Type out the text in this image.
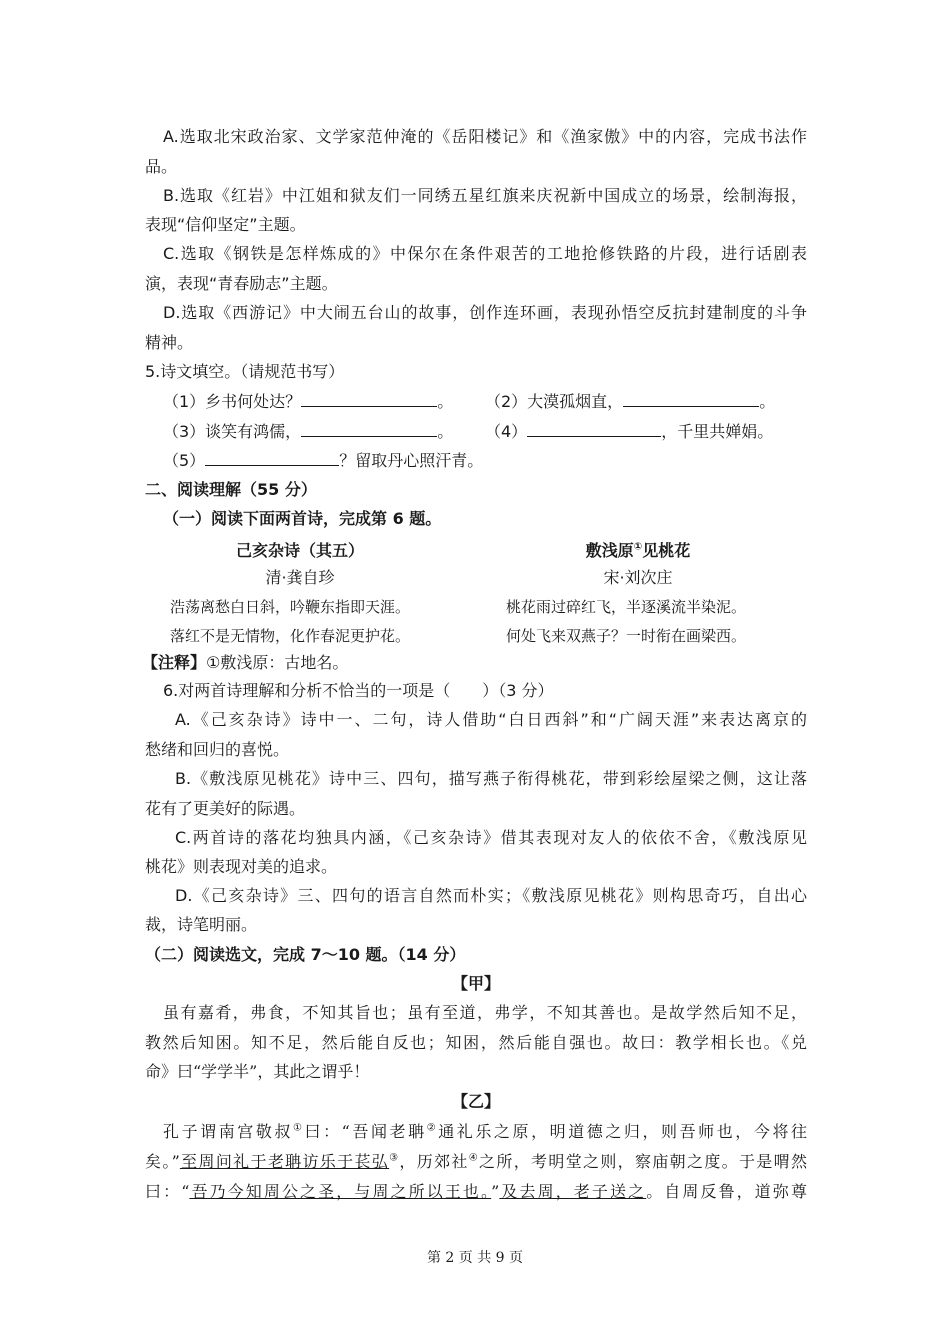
A.选取北宋政治家、文学家范仲淹的《岳阳楼记》和《渔家傲》中的内容，完成书法作
品。
B.选取《红岩》中江姐和狱友们一同绣五星红旗来庆祝新中国成立的场景，绘制海报，
表现“信仰坚定”主题。
C.选取《钢铁是怎样炼成的》中保尔在条件艰苦的工地抢修铁路的片段，进行话剧表
演，表现“青春励志”主题。
D.选取《西游记》中大闹五台山的故事，创作连环画，表现孙悟空反抗封建制度的斗争
精神。
5.诗文填空。（请规范书写）
（1）乡书何处达？	。	（2）大漠孤烟直，	。
（3）谈笑有鸿儒，	。	（4）	，千里共婵娟。
（5）	？留取丹心照汗青。
二、阅读理解（55 分）
（一）阅读下面两首诗，完成第 6 题。
己亥杂诗（其五）
清·龚自珍
浩荡离愁白日斜，吟鞭东指即天涯。
落红不是无情物，化作春泥更护花。
敷浅原①见桃花
宋·刘次庄
桃花雨过碎红飞，半逐溪流半染泥。
何处飞来双燕子？一时衔在画梁西。
【注释】①敷浅原：古地名。
6.对两首诗理解和分析不恰当的一项是（　　）（3 分）
A.《己亥杂诗》诗中一、二句，诗人借助“白日西斜”和“广阔天涯”来表达离京的
愁绪和回归的喜悦。
B.《敷浅原见桃花》诗中三、四句，描写燕子衔得桃花，带到彩绘屋梁之侧，这让落
花有了更美好的际遇。
C.两首诗的落花均独具内涵，《己亥杂诗》借其表现对友人的依依不舍，《敷浅原见
桃花》则表现对美的追求。
D.《己亥杂诗》三、四句的语言自然而朴实；《敷浅原见桃花》则构思奇巧，自出心
裁，诗笔明丽。
（二）阅读选文，完成 7～10 题。（14 分）
【甲】
虽有嘉肴，弗食，不知其旨也；虽有至道，弗学，不知其善也。是故学然后知不足，
教然后知困。知不足，然后能自反也；知困，然后能自强也。故曰：教学相长也。《兑
命》曰“学学半”，其此之谓乎！
【乙】
孔子谓南宫敬叔①曰：“吾闻老聃②通礼乐之原，明道德之归，则吾师也，今将往
矣。”至周问礼于老聃访乐于苌弘③，历郊社④之所，考明堂之则，察庙朝之度。于是喟然
曰：“吾乃今知周公之圣，与周之所以王也。”及去周，老子送之。自周反鲁，道弥尊
第 2 页 共 9 页
